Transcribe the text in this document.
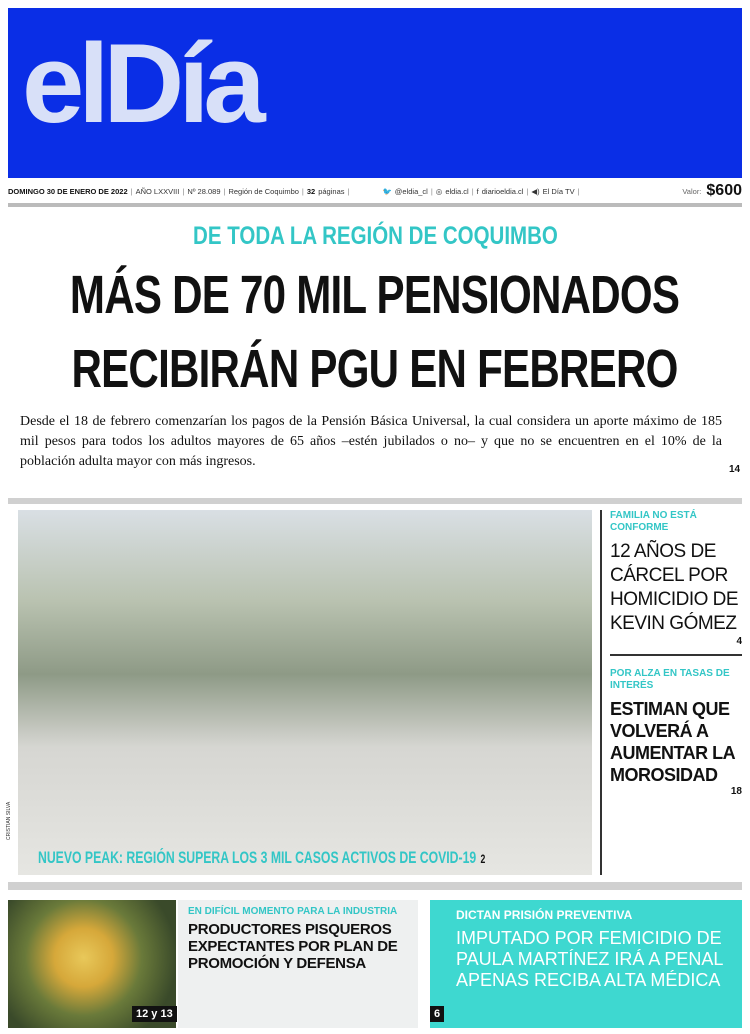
elDía
DOMINGO 30 DE ENERO DE 2022 | AÑO LXXVIII | Nº 28.089 | Región de Coquimbo | 32 páginas |	🐦 @eldia_cl | ◎ eldia.cl | f diarioeldia.cl | ◀) El Día TV |	Valor: $600
DE TODA LA REGIÓN DE COQUIMBO
MÁS DE 70 MIL PENSIONADOS
RECIBIRÁN PGU EN FEBRERO
Desde el 18 de febrero comenzarían los pagos de la Pensión Básica Universal, la cual considera un aporte máximo de 185 mil pesos para todos los adultos mayores de 65 años –estén jubilados o no– y que no se encuentren en el 10% de la población adulta mayor con más ingresos.
14
CRISTIAN SILVA
NUEVO PEAK: REGIÓN SUPERA LOS 3 MIL CASOS ACTIVOS DE COVID-19 2
FAMILIA NO ESTÁ CONFORME
12 AÑOS DE CÁRCEL POR HOMICIDIO DE KEVIN GÓMEZ
4
POR ALZA EN TASAS DE INTERÉS
ESTIMAN QUE VOLVERÁ A AUMENTAR LA MOROSIDAD
18
12 y 13
EN DIFÍCIL MOMENTO PARA LA INDUSTRIA
PRODUCTORES PISQUEROS EXPECTANTES POR PLAN DE PROMOCIÓN Y DEFENSA
DICTAN PRISIÓN PREVENTIVA
IMPUTADO POR FEMICIDIO DE PAULA MARTÍNEZ IRÁ A PENAL APENAS RECIBA ALTA MÉDICA
6
